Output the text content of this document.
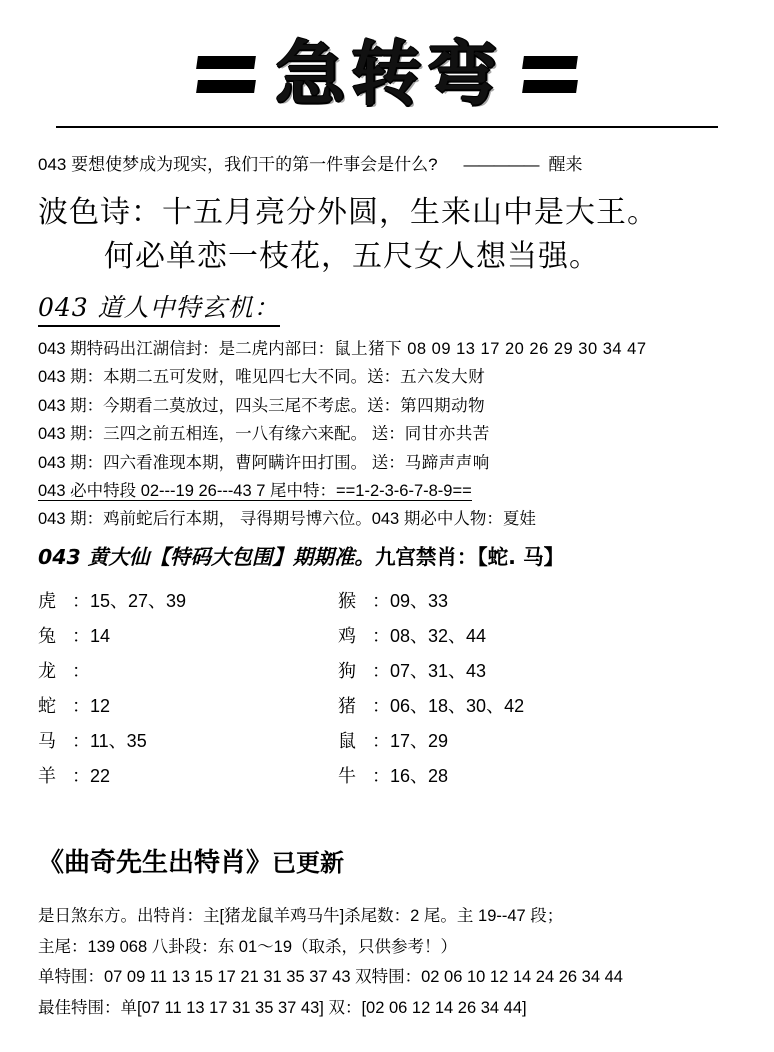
急转弯
043 要想使梦成为现实，我们干的第一件事会是什么? ————— 醒来
波色诗：十五月亮分外圆，生来山中是大王。
何必单恋一枝花，五尺女人想当强。
043 道人中特玄机：
043 期特码出江湖信封：是二虎内部曰：鼠上猪下 08 09 13 17 20 26 29 30 34 47
043 期：本期二五可发财，唯见四七大不同。送：五六发大财
043 期：今期看二莫放过，四头三尾不考虑。送：第四期动物
043 期：三四之前五相连，一八有缘六来配。 送：同甘亦共苦
043 期：四六看准现本期，曹阿瞒许田打围。 送：马蹄声声响
043 必中特段 02---19 26---43 7 尾中特：==1-2-3-6-7-8-9==
043 期：鸡前蛇后行本期， 寻得期号博六位。043 期必中人物：夏娃
043 黄大仙【特码大包围】期期准。九宫禁肖：【蛇. 马】
虎 ：15、27、39
兔 ：14
龙 ：
蛇 ：12
马 ：11、35
羊 ：22
猴 ：09、33
鸡 ：08、32、44
狗 ：07、31、43
猪 ：06、18、30、42
鼠 ：17、29
牛 ：16、28
《曲奇先生出特肖》已更新
是日煞东方。出特肖：主[猪龙鼠羊鸡马牛]杀尾数：2 尾。主 19--47 段；
主尾：139 068 八卦段：东 01～19（取杀，只供参考！）
单特围：07 09 11 13 15 17 21 31 35 37 43 双特围：02 06 10 12 14 24 26 34 44
最佳特围：单[07 11 13 17 31 35 37 43] 双：[02 06 12 14 26 34 44]
